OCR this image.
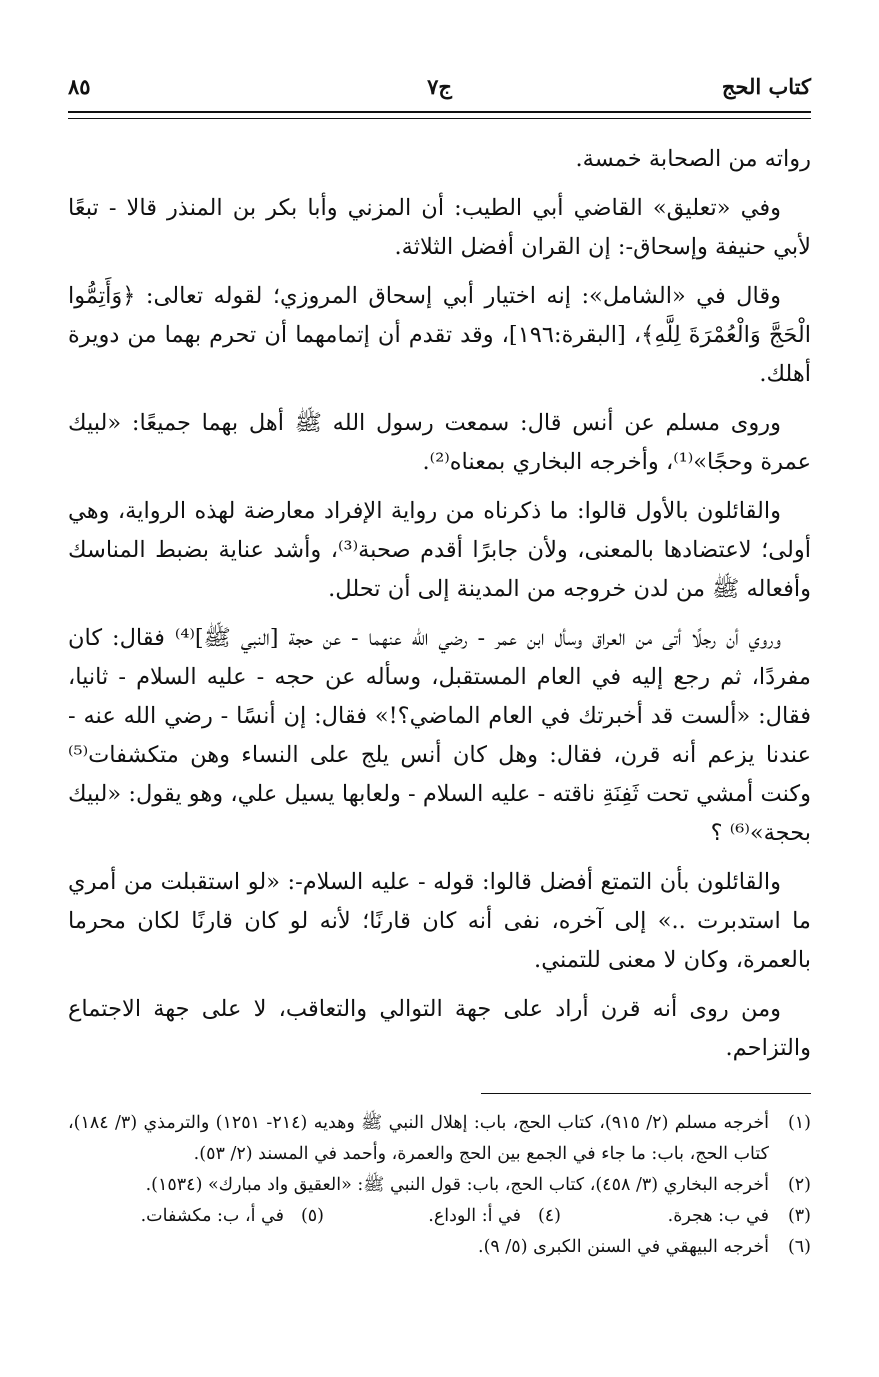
كتاب الحج
ج٧
٨٥

رواته من الصحابة خمسة.

وفي «تعليق» القاضي أبي الطيب: أن المزني وأبا بكر بن المنذر قالا - تبعًا لأبي حنيفة وإسحاق-: إن القران أفضل الثلاثة.

وقال في «الشامل»: إنه اختيار أبي إسحاق المروزي؛ لقوله تعالى: ﴿وَأَتِمُّوا الْحَجَّ وَالْعُمْرَةَ لِلَّهِ﴾، [البقرة:١٩٦]، وقد تقدم أن إتمامهما أن تحرم بهما من دويرة أهلك.

وروى مسلم عن أنس قال: سمعت رسول الله ﷺ أهل بهما جميعًا: «لبيك عمرة وحجًا»⁽¹⁾، وأخرجه البخاري بمعناه⁽²⁾.

والقائلون بالأول قالوا: ما ذكرناه من رواية الإفراد معارضة لهذه الرواية، وهي أولى؛ لاعتضادها بالمعنى، ولأن جابرًا أقدم صحبة⁽³⁾، وأشد عناية بضبط المناسك وأفعاله ﷺ من لدن خروجه من المدينة إلى أن تحلل.

وروي أن رجلًا أتى من العراق وسأل ابن عمر - رضي الله عنهما - عن حجة [النبي ﷺ]⁽⁴⁾ فقال: كان مفردًا، ثم رجع إليه في العام المستقبل، وسأله عن حجه - عليه السلام - ثانيا، فقال: «ألست قد أخبرتك في العام الماضي؟!» فقال: إن أنسًا - رضي الله عنه - عندنا يزعم أنه قرن، فقال: وهل كان أنس يلج على النساء وهن متكشفات⁽⁵⁾ وكنت أمشي تحت ثَفِنَةِ ناقته - عليه السلام - ولعابها يسيل علي، وهو يقول: «لبيك بحجة»⁽⁶⁾ ؟

والقائلون بأن التمتع أفضل قالوا: قوله - عليه السلام-: «لو استقبلت من أمري ما استدبرت ..» إلى آخره، نفى أنه كان قارنًا؛ لأنه لو كان قارنًا لكان محرما بالعمرة، وكان لا معنى للتمني.

ومن روى أنه قرن أراد على جهة التوالي والتعاقب، لا على جهة الاجتماع والتزاحم.

(١)
أخرجه مسلم (٢/ ٩١٥)، كتاب الحج، باب: إهلال النبي ﷺ وهديه (٢١٤- ١٢٥١) والترمذي (٣/ ١٨٤)، كتاب الحج، باب: ما جاء في الجمع بين الحج والعمرة، وأحمد في المسند (٢/ ٥٣).
(٢)
أخرجه البخاري (٣/ ٤٥٨)، كتاب الحج، باب: قول النبي ﷺ: «العقيق واد مبارك» (١٥٣٤).
(٣)
في ب: هجرة.
(٤)
في أ: الوداع.
(٥)
في أ، ب: مكشفات.
(٦)
أخرجه البيهقي في السنن الكبرى (٥/ ٩).
